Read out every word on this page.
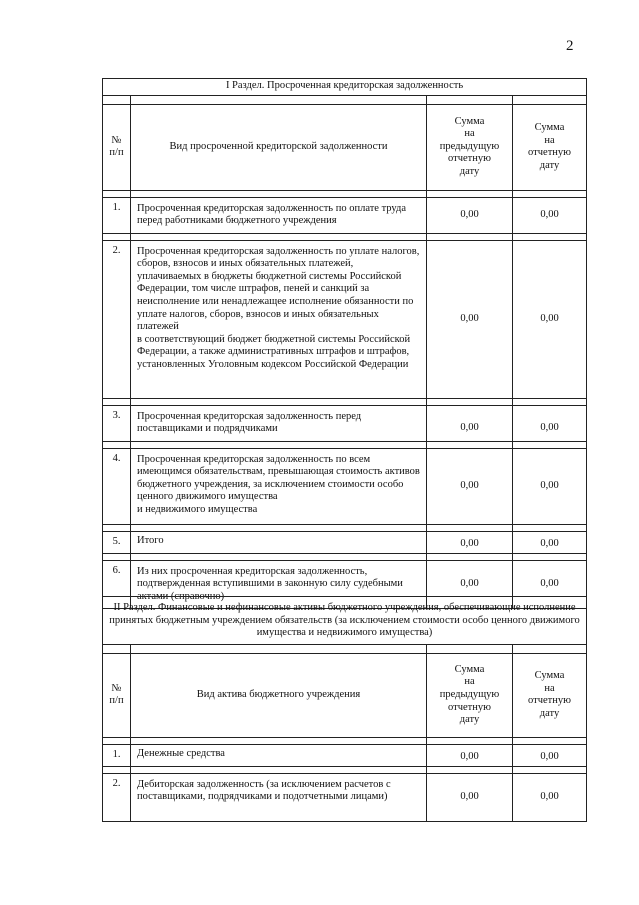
2
I Раздел. Просроченная кредиторская задолженность			

№
п/п	Вид просроченной кредиторской задолженности	Сумма
на
предыдущую
отчетную
дату	Сумма
на
отчетную
дату

1.	Просроченная кредиторская задолженность по оплате труда перед работниками бюджетного учреждения	0,00	0,00

2.	Просроченная кредиторская задолженность по уплате налогов, сборов, взносов и иных обязательных платежей, уплачиваемых в бюджеты бюджетной системы Российской Федерации, том числе штрафов, пеней и санкций за неисполнение или ненадлежащее исполнение обязанности по уплате налогов, сборов, взносов и иных обязательных платежей
в соответствующий бюджет бюджетной системы Российской Федерации, а также административных штрафов и штрафов, установленных Уголовным кодексом Российской Федерации	0,00	0,00

3.	Просроченная кредиторская задолженность перед поставщиками и подрядчиками	0,00	0,00

4.	Просроченная кредиторская задолженность по всем имеющимся обязательствам, превышающая стоимость активов бюджетного учреждения, за исключением стоимости особо ценного движимого имущества
и недвижимого имущества	0,00	0,00

5.	Итого	0,00	0,00

6.	Из них просроченная кредиторская задолженность, подтвержденная вступившими в законную силу судебными актами (справочно)	0,00	0,00
II Раздел. Финансовые и нефинансовые активы бюджетного учреждения, обеспечивающие исполнение принятых бюджетным учреждением обязательств (за исключением стоимости особо ценного движимого имущества и недвижимого имущества)			

№
п/п	Вид актива бюджетного учреждения	Сумма
на
предыдущую
отчетную
дату	Сумма
на
отчетную
дату

1.	Денежные средства	0,00	0,00

2.	Дебиторская задолженность (за исключением расчетов с поставщиками, подрядчиками и подотчетными лицами)	0,00	0,00
